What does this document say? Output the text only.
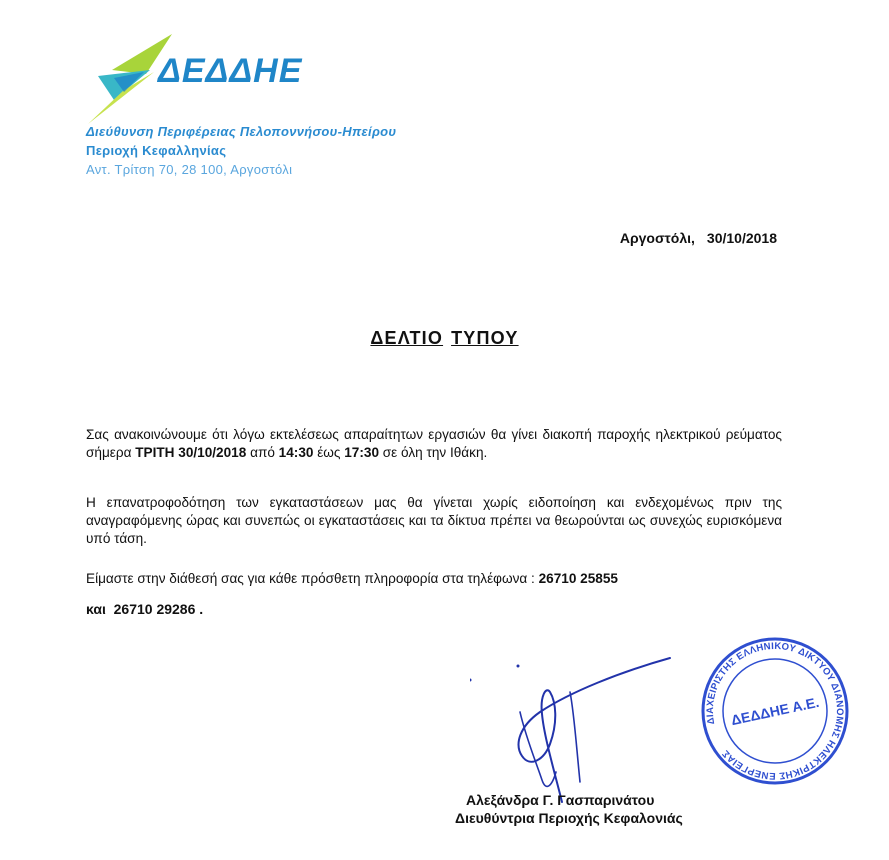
ΔΕΔΔΗΕ
Διεύθυνση Περιφέρειας Πελοποννήσου-Ηπείρου
Περιοχή Κεφαλληνίας
Αντ. Τρίτση 70, 28 100, Αργοστόλι
Αργοστόλι, 30/10/2018
ΔΕΛΤΙΟ ΤΥΠΟΥ
Σας ανακοινώνουμε ότι λόγω εκτελέσεως απαραίτητων εργασιών θα γίνει διακοπή παροχής ηλεκτρικού ρεύματος σήμερα ΤΡΙΤΗ 30/10/2018 από 14:30 έως 17:30 σε όλη την Ιθάκη.
Η επανατροφοδότηση των εγκαταστάσεων μας θα γίνεται χωρίς ειδοποίηση και ενδεχομένως πριν της αναγραφόμενης ώρας και συνεπώς οι εγκαταστάσεις και τα δίκτυα πρέπει να θεωρούνται ως συνεχώς ευρισκόμενα υπό τάση.
Είμαστε στην διάθεσή σας για κάθε πρόσθετη πληροφορία στα τηλέφωνα : 26710 25855
και 26710 29286 .
ΔΙΑΧΕΙΡΙΣΤΗΣ ΕΛΛΗΝΙΚΟΥ ΔΙΚΤΥΟΥ ΔΙΑΝΟΜΗΣ ΗΛΕΚΤΡΙΚΗΣ ΕΝΕΡΓΕΙΑΣ
ΔΕΔΔΗΕ Α.Ε.
Αλεξάνδρα Γ. Γασπαρινάτου
Διευθύντρια Περιοχής Κεφαλονιάς
